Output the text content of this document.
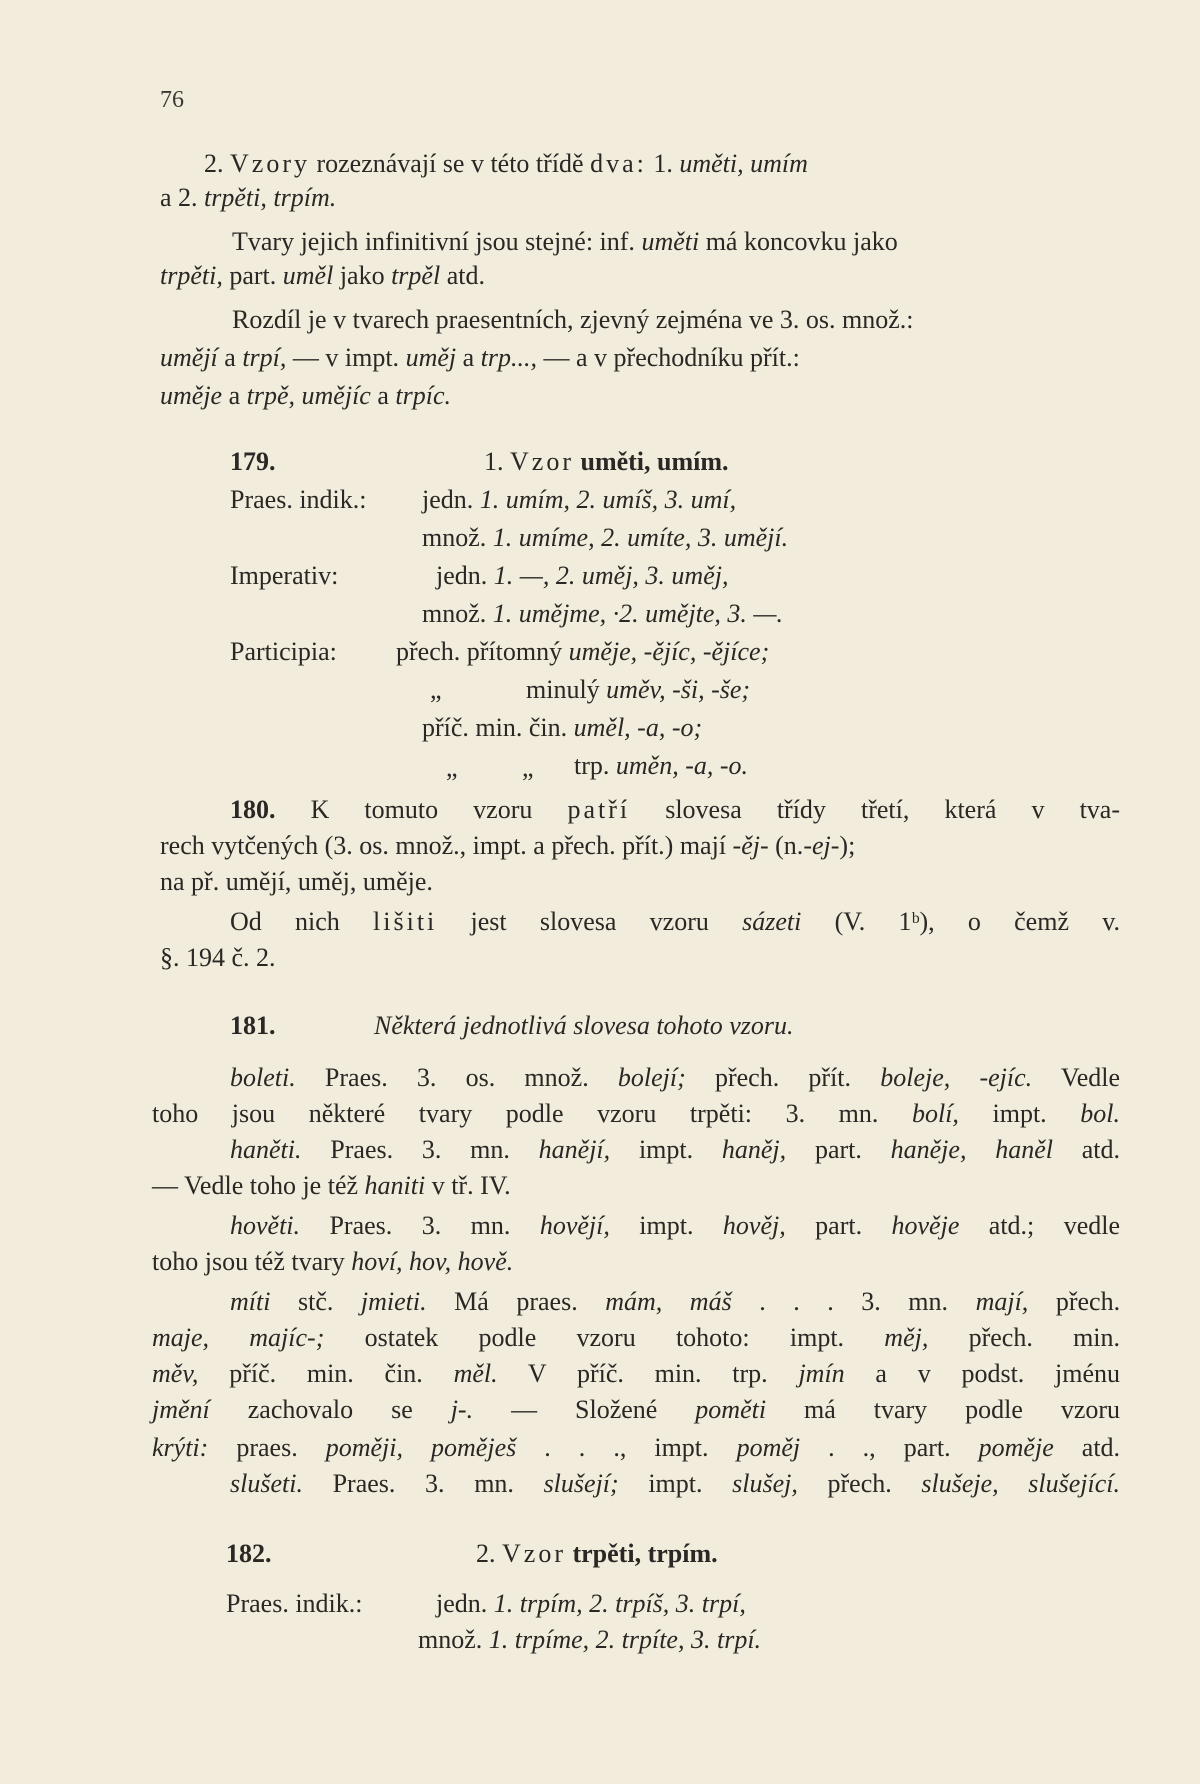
76
2. Vzory rozeznávají se v této třídě dva: 1. uměti, umím
a 2. trpěti, trpím.
Tvary jejich infinitivní jsou stejné: inf. uměti má koncovku jako
trpěti, part. uměl jako trpěl atd.
Rozdíl je v tvarech praesentních, zjevný zejména ve 3. os. množ.:
umějí a trpí, — v impt. uměj a trp..., — a v přechodníku přít.:
uměje a trpě, umějíc a trpíc.
179.	1. Vzor uměti, umím.
Praes. indik.: jedn. 1. umím, 2. umíš, 3. umí,
množ. 1. umíme, 2. umíte, 3. umějí.
Imperativ:	jedn. 1. —, 2. uměj, 3. uměj,
množ. 1. umějme, ·2. umějte, 3. —.
Participia: přech. přítomný uměje, -ějíc, -ějíce;
„	minulý uměv, -ši, -še;
příč. min. čin. uměl, -a, -o;
„ „ trp. uměn, -a, -o.
180. K tomuto vzoru patří slovesa třídy třetí, která v tva-
rech vytčených (3. os. množ., impt. a přech. přít.) mají -ěj- (n.-ej-);
na př. umějí, uměj, uměje.
Od nich lišiti jest slovesa vzoru sázeti (V. 1ᵇ), o čemž v.
§. 194 č. 2.
181.	Některá jednotlivá slovesa tohoto vzoru.
boleti. Praes. 3. os. množ. bolejí; přech. přít. boleje, -ejíc. Vedle
toho jsou některé tvary podle vzoru trpěti: 3. mn. bolí, impt. bol.
haněti. Praes. 3. mn. hanějí, impt. haněj, part. haněje, haněl atd.
— Vedle toho je též haniti v tř. IV.
hověti. Praes. 3. mn. hovějí, impt. hověj, part. hověje atd.; vedle
toho jsou též tvary hoví, hov, hově.
míti stč. jmieti. Má praes. mám, máš . . . 3. mn. mají, přech.
maje, majíc-; ostatek podle vzoru tohoto: impt. měj, přech. min.
měv, příč. min. čin. měl. V příč. min. trp. jmín a v podst. jménu
jmění zachovalo se j-. — Složené poměti má tvary podle vzoru
krýti: praes. poměji, poměješ . . ., impt. poměj . ., part. poměje atd.
slušeti. Praes. 3. mn. slušejí; impt. slušej, přech. slušeje, slušející.
182.	2. Vzor trpěti, trpím.
Praes. indik.:	jedn. 1. trpím, 2. trpíš, 3. trpí,
množ. 1. trpíme, 2. trpíte, 3. trpí.
